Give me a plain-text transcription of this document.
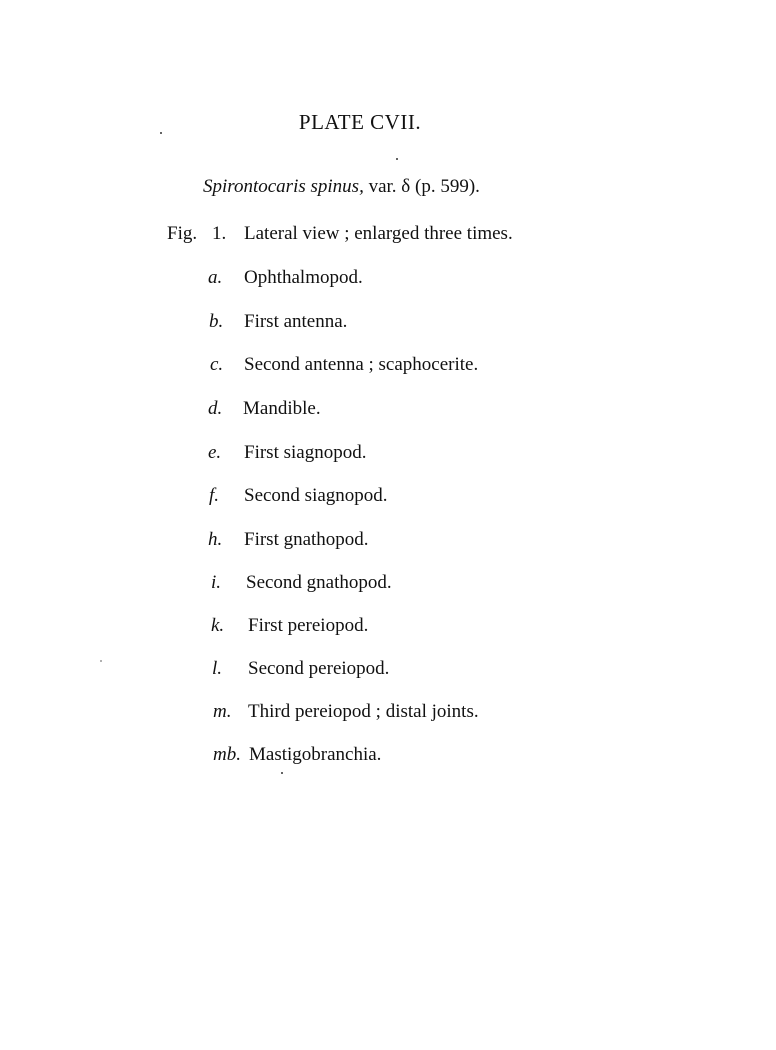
PLATE CVII.
Spirontocaris spinus, var. δ (p. 599).
Fig. 1. Lateral view ; enlarged three times.
a. Ophthalmopod.
b. First antenna.
c. Second antenna ; scaphocerite.
d. Mandible.
e. First siagnopod.
f. Second siagnopod.
h. First gnathopod.
i. Second gnathopod.
k. First pereiopod.
l. Second pereiopod.
m. Third pereiopod ; distal joints.
mb. Mastigobranchia.
